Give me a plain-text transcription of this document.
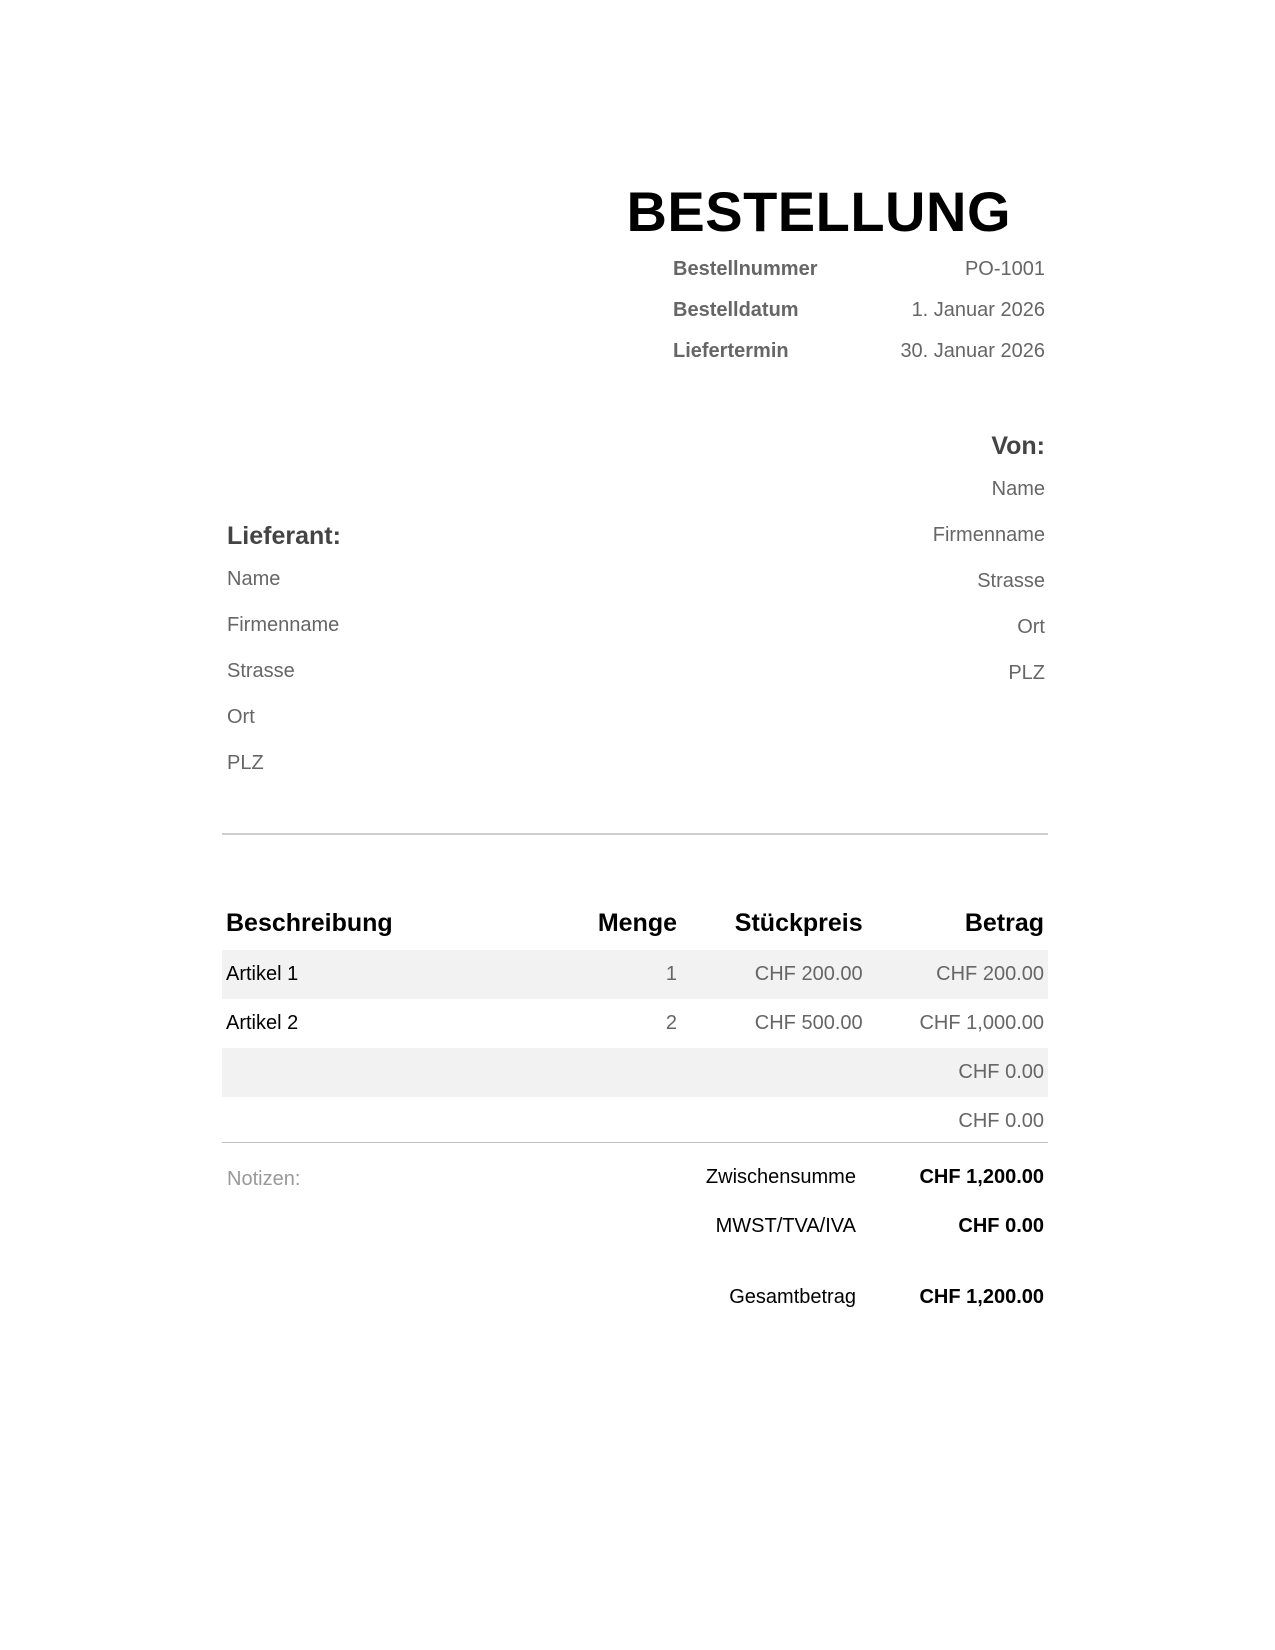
BESTELLUNG
Bestellnummer	PO-1001
Bestelldatum	1. Januar 2026
Liefertermin	30. Januar 2026
Von:
Name
Firmenname
Strasse
Ort
PLZ
Lieferant:
Name
Firmenname
Strasse
Ort
PLZ
Beschreibung	Menge	Stückpreis	Betrag
Artikel 1	1	CHF 200.00	CHF 200.00
Artikel 2	2	CHF 500.00	CHF 1,000.00
			CHF 0.00
			CHF 0.00
Notizen:	Zwischensumme	CHF 1,200.00
MWST/TVA/IVA	CHF 0.00
Gesamtbetrag	CHF 1,200.00
